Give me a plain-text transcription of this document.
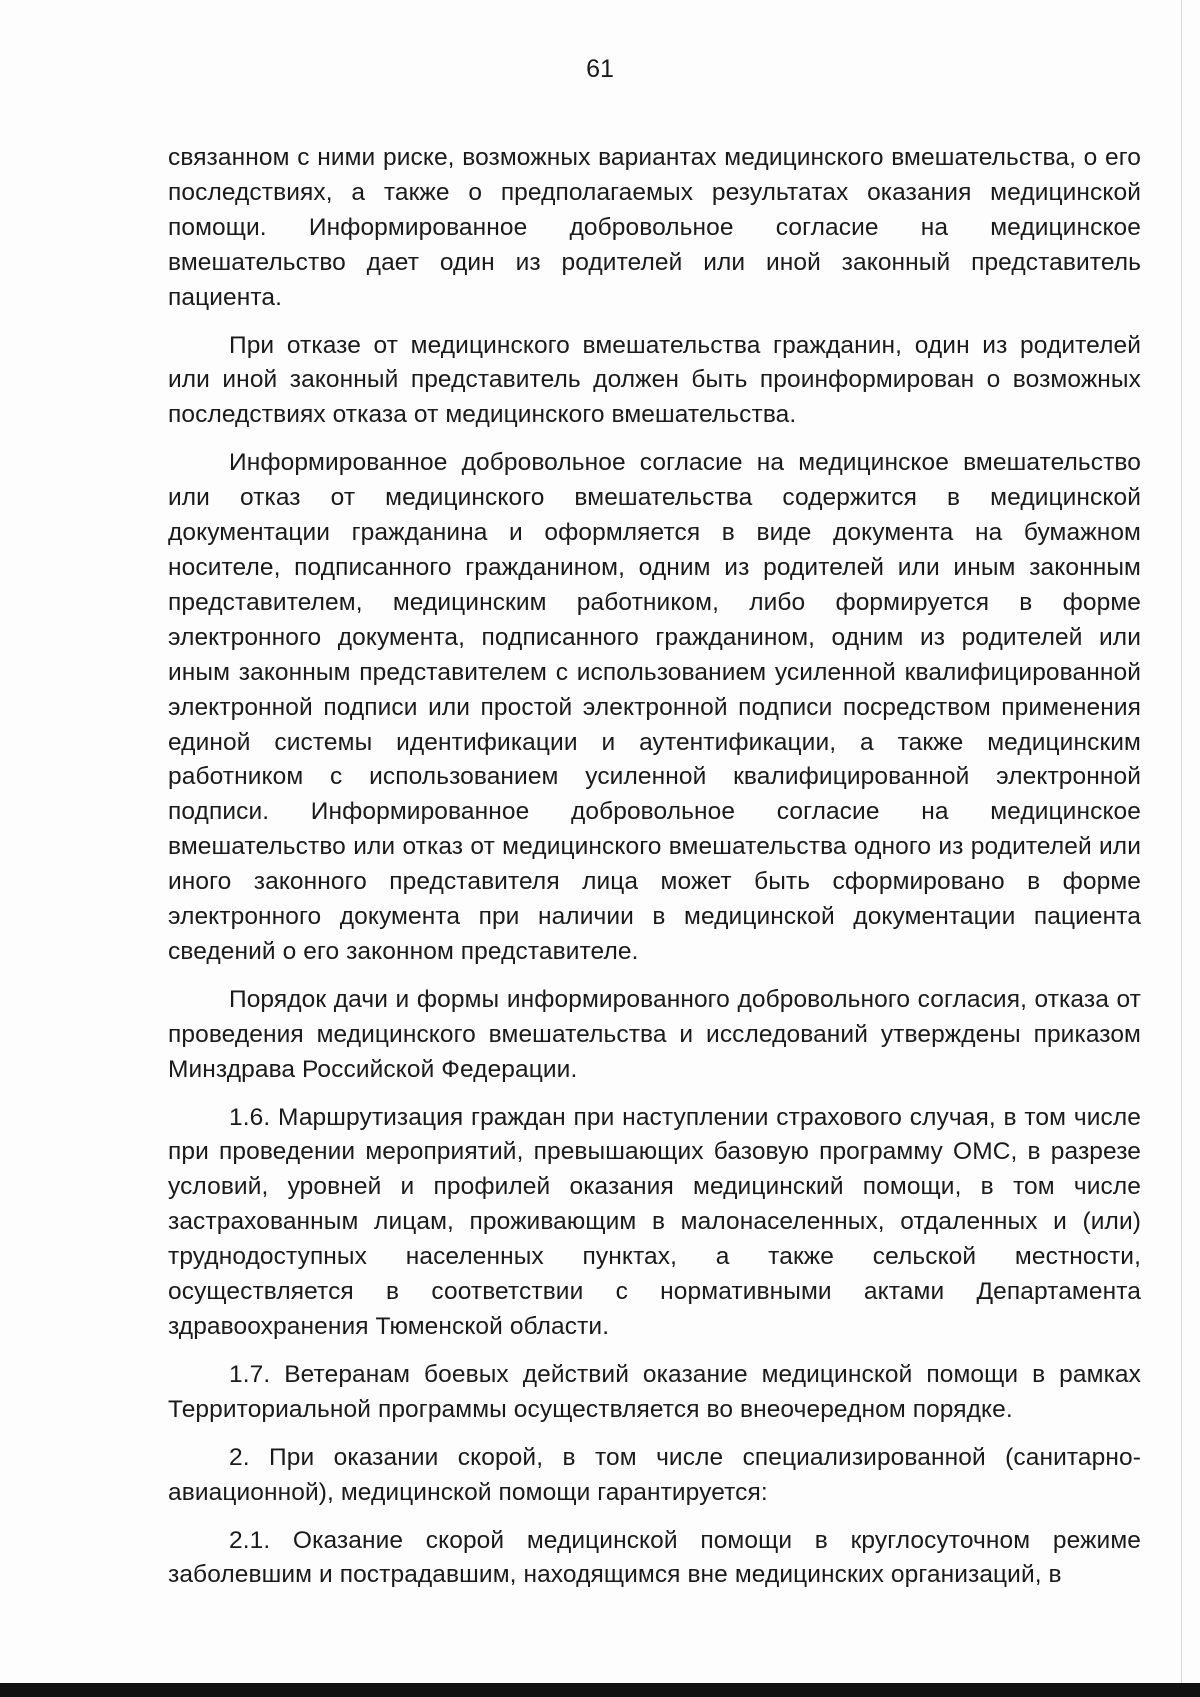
61

связанном с ними риске, возможных вариантах медицинского вмешательства, о его последствиях, а также о предполагаемых результатах оказания медицинской помощи. Информированное добровольное согласие на медицинское вмешательство дает один из родителей или иной законный представитель пациента.

При отказе от медицинского вмешательства гражданин, один из родителей или иной законный представитель должен быть проинформирован о возможных последствиях отказа от медицинского вмешательства.

Информированное добровольное согласие на медицинское вмешательство или отказ от медицинского вмешательства содержится в медицинской документации гражданина и оформляется в виде документа на бумажном носителе, подписанного гражданином, одним из родителей или иным законным представителем, медицинским работником, либо формируется в форме электронного документа, подписанного гражданином, одним из родителей или иным законным представителем с использованием усиленной квалифицированной электронной подписи или простой электронной подписи посредством применения единой системы идентификации и аутентификации, а также медицинским работником с использованием усиленной квалифицированной электронной подписи. Информированное добровольное согласие на медицинское вмешательство или отказ от медицинского вмешательства одного из родителей или иного законного представителя лица может быть сформировано в форме электронного документа при наличии в медицинской документации пациента сведений о его законном представителе.

Порядок дачи и формы информированного добровольного согласия, отказа от проведения медицинского вмешательства и исследований утверждены приказом Минздрава Российской Федерации.

1.6. Маршрутизация граждан при наступлении страхового случая, в том числе при проведении мероприятий, превышающих базовую программу ОМС, в разрезе условий, уровней и профилей оказания медицинский помощи, в том числе застрахованным лицам, проживающим в малонаселенных, отдаленных и (или) труднодоступных населенных пунктах, а также сельской местности, осуществляется в соответствии с нормативными актами Департамента здравоохранения Тюменской области.

1.7. Ветеранам боевых действий оказание медицинской помощи в рамках Территориальной программы осуществляется во внеочередном порядке.

2. При оказании скорой, в том числе специализированной (санитарно-авиационной), медицинской помощи гарантируется:

2.1. Оказание скорой медицинской помощи в круглосуточном режиме заболевшим и пострадавшим, находящимся вне медицинских организаций, в
